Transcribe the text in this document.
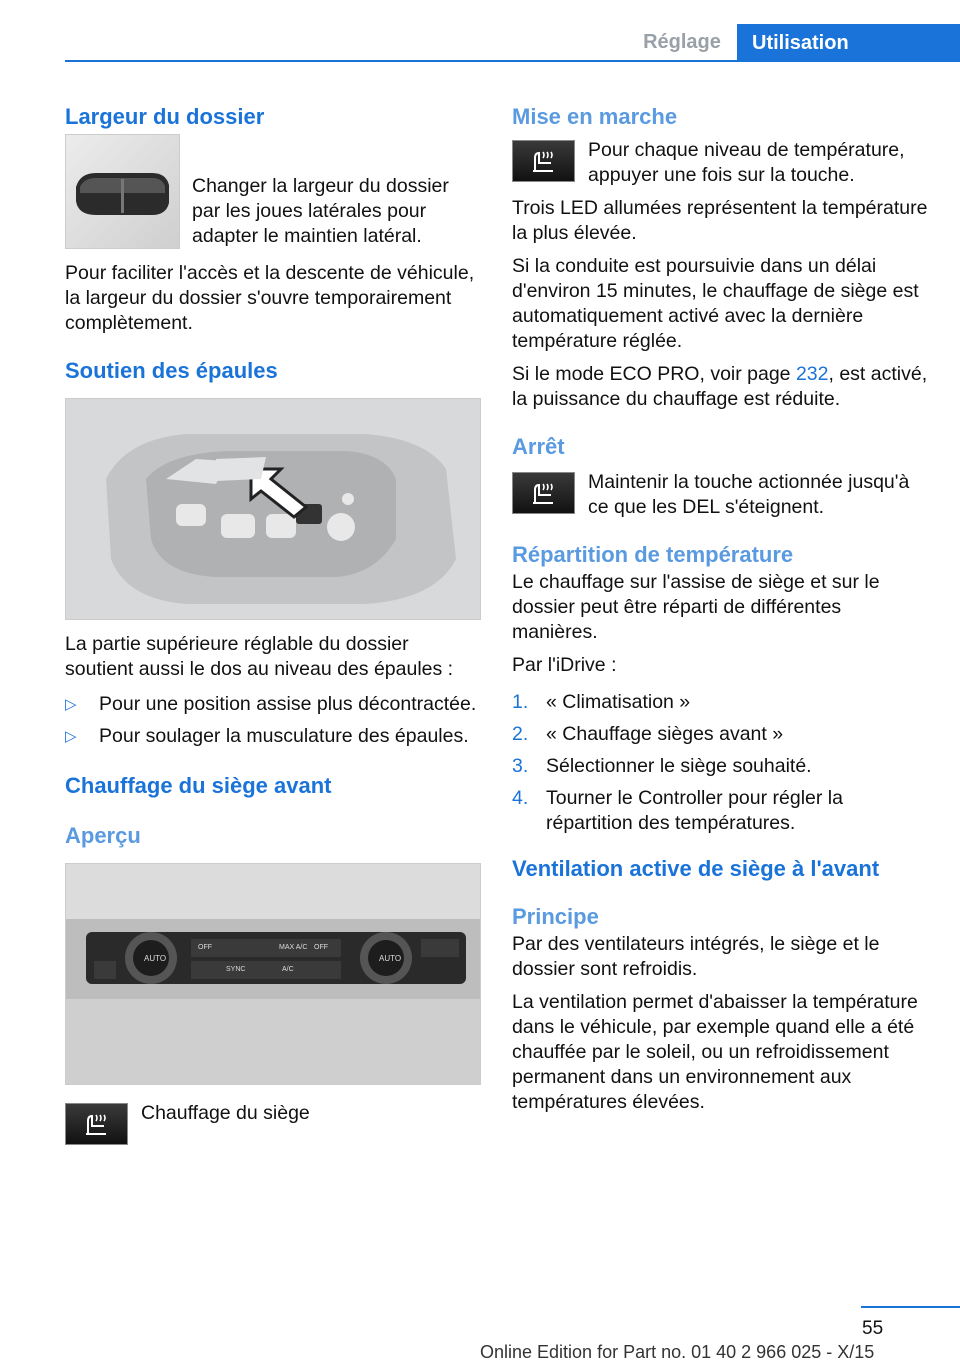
Réglage	Utilisation
Largeur du dossier

Changer la largeur du dossier par les joues latérales pour adapter le maintien latéral.

Pour faciliter l'accès et la descente de véhicule, la largeur du dossier s'ouvre temporairement complètement.

Soutien des épaules

La partie supérieure réglable du dossier soutient aussi le dos au niveau des épaules :

▷ Pour une position assise plus décontractée.
▷ Pour soulager la musculature des épaules.
Chauffage du siège avant
Aperçu
AUTO	AUTO
OFF	MAX A/C OFF
SYNC	A/C

Chauffage du siège

Mise en marche

Pour chaque niveau de température, appuyer une fois sur la touche.

Trois LED allumées représentent la température la plus élevée.

Si la conduite est poursuivie dans un délai d'environ 15 minutes, le chauffage de siège est automatiquement activé avec la dernière température réglée.

Si le mode ECO PRO, voir page 232, est activé, la puissance du chauffage est réduite.

Arrêt

Maintenir la touche actionnée jusqu'à ce que les DEL s'éteignent.

Répartition de température

Le chauffage sur l'assise de siège et sur le dossier peut être réparti de différentes manières.

Par l'iDrive :

1. « Climatisation »
2. « Chauffage sièges avant »
3. Sélectionner le siège souhaité.
4. Tourner le Controller pour régler la répartition des températures.
Ventilation active de siège à l'avant
Principe

Par des ventilateurs intégrés, le siège et le dossier sont refroidis.

La ventilation permet d'abaisser la température dans le véhicule, par exemple quand elle a été chauffée par le soleil, ou un refroidissement permanent dans un environnement aux températures élevées.

55
Online Edition for Part no. 01 40 2 966 025 - X/15
